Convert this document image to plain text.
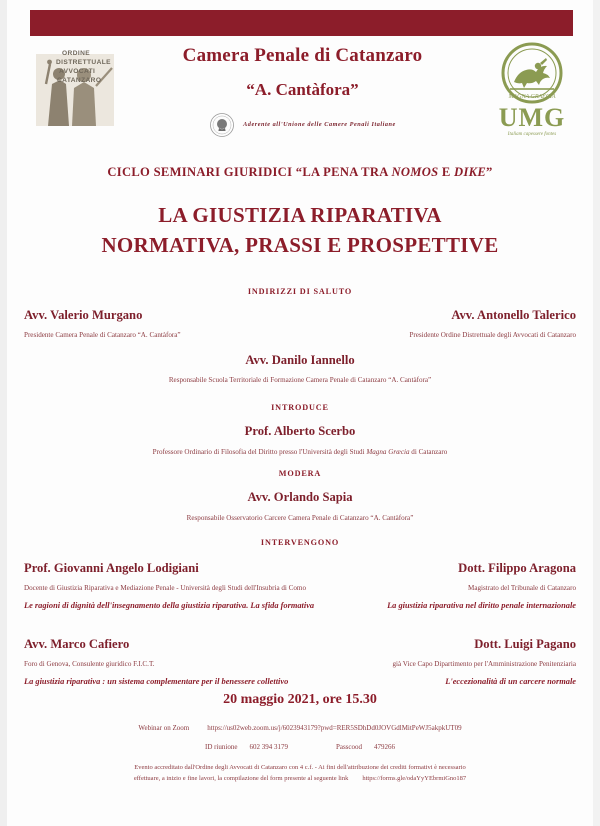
ORDINE
DISTRETTUALE
AVVOCATI
CATANZARO
Camera Penale di Catanzaro
“A. Cantàfora”
Aderente all'Unione delle Camere Penali Italiane
MAGNA GRAECIA
UMG
Italiam capessere fontes
CICLO SEMINARI GIURIDICI “LA PENA TRA NOMOS E DIKE”
LA GIUSTIZIA RIPARATIVA
NORMATIVA, PRASSI E PROSPETTIVE
INDIRIZZI DI SALUTO
Avv. Valerio Murgano
Presidente Camera Penale di Catanzaro “A. Cantàfora”
Avv. Antonello Talerico
Presidente Ordine Distrettuale degli Avvocati di Catanzaro
Avv. Danilo Iannello
Responsabile Scuola Territoriale di Formazione Camera Penale di Catanzaro “A. Cantàfora”
INTRODUCE
Prof. Alberto Scerbo
Professore Ordinario di Filosofia del Diritto presso l'Università degli Studi Magna Græcia di Catanzaro
MODERA
Avv. Orlando Sapia
Responsabile Osservatorio Carcere Camera Penale di Catanzaro “A. Cantàfora”
INTERVENGONO
Prof. Giovanni Angelo Lodigiani
Docente di Giustizia Riparativa e Mediazione Penale - Università degli Studi dell'Insubria di Como
Le ragioni di dignità dell'insegnamento della giustizia riparativa. La sfida formativa
Dott. Filippo Aragona
Magistrato del Tribunale di Catanzaro
La giustizia riparativa nel diritto penale internazionale
Avv. Marco Cafiero
Foro di Genova, Consulente giuridico F.I.C.T.
La giustizia riparativa : un sistema complementare per il benessere collettivo
Dott. Luigi Pagano
già Vice Capo Dipartimento per l'Amministrazione Penitenziaria
L'eccezionalità di un carcere normale
20 maggio 2021, ore 15.30
Webinar on Zoom	https://us02web.zoom.us/j/6023943179?pwd=RER5SDhDd0JOVGdlMitPeWJ5akpkUT09
ID riunione 602 394 3179	Passcood 479266
Evento accreditato dall'Ordine degli Avvocati di Catanzaro con 4 c.f. - Ai fini dell'attribuzione dei crediti formativi è necessario
effettuare, a inizio e fine lavori, la compilazione del form presente al seguente link https://forms.gle/odaYyYEbrmiGno187
